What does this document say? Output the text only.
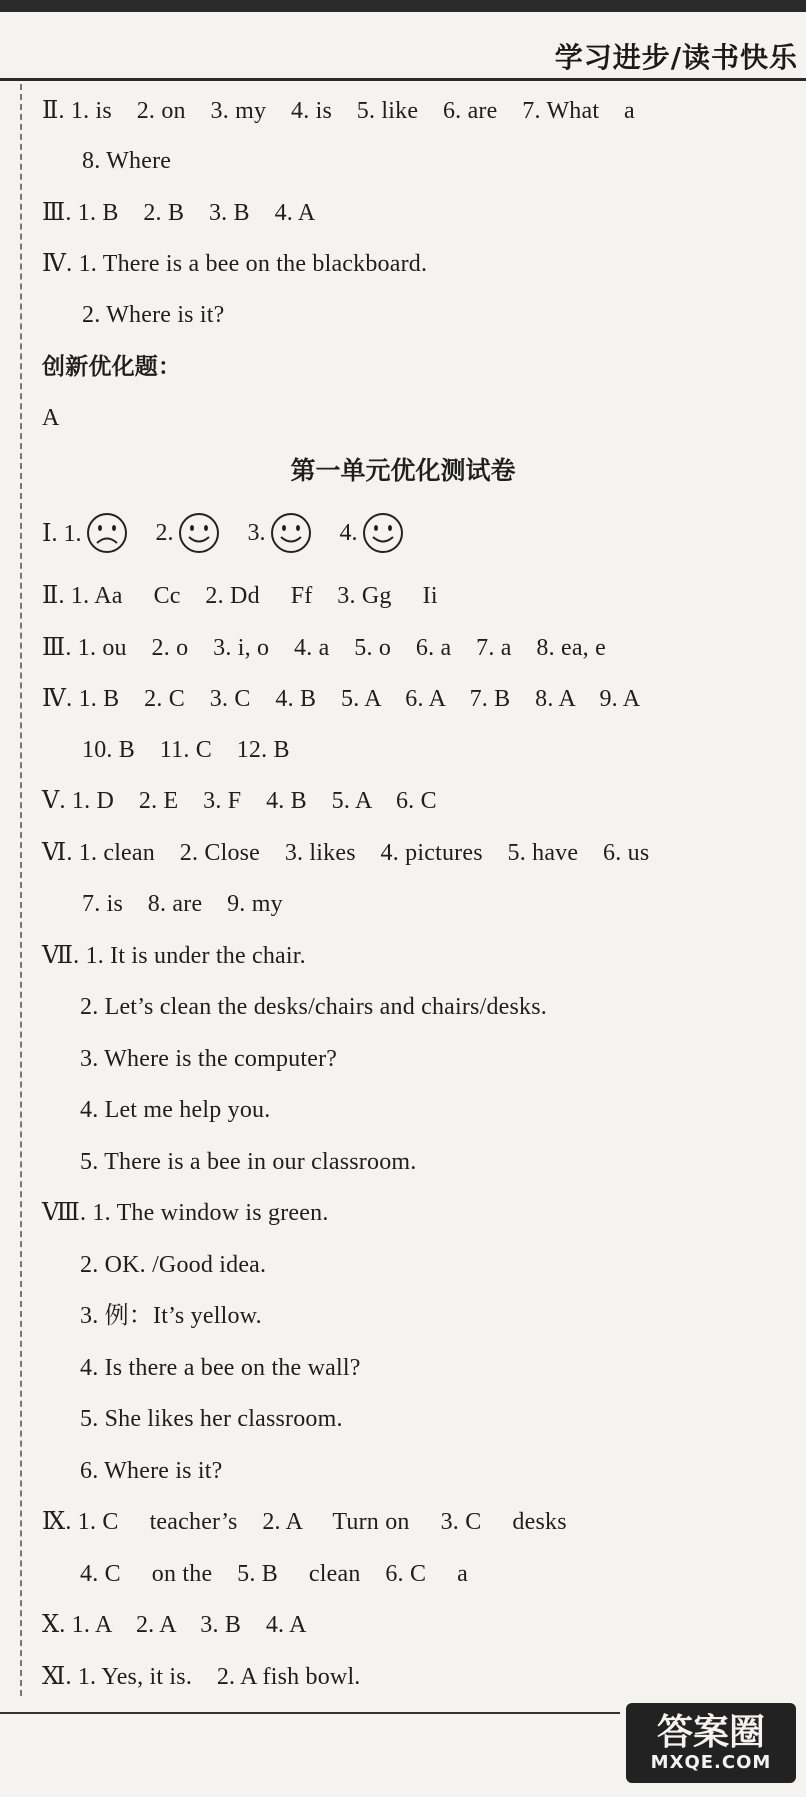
学习进步/读书快乐
Ⅱ. 1. is    2. on    3. my    4. is    5. like    6. are    7. What    a
8. Where
Ⅲ. 1. B    2. B    3. B    4. A
Ⅳ. 1. There is a bee on the blackboard.
2. Where is it?
创新优化题：
A
第一单元优化测试卷
Ⅰ. 1.	2.	3.	4.
Ⅱ. 1. Aa     Cc    2. Dd     Ff    3. Gg     Ii
Ⅲ. 1. ou    2. o    3. i, o    4. a    5. o    6. a    7. a    8. ea, e
Ⅳ. 1. B    2. C    3. C    4. B    5. A    6. A    7. B    8. A    9. A
10. B    11. C    12. B
Ⅴ. 1. D    2. E    3. F    4. B    5. A    6. C
Ⅵ. 1. clean    2. Close    3. likes    4. pictures    5. have    6. us
7. is    8. are    9. my
Ⅶ. 1. It is under the chair.
2. Let’s clean the desks/chairs and chairs/desks.
3. Where is the computer?
4. Let me help you.
5. There is a bee in our classroom.
Ⅷ. 1. The window is green.
2. OK. /Good idea.
3. 例：It’s yellow.
4. Is there a bee on the wall?
5. She likes her classroom.
6. Where is it?
Ⅸ. 1. C     teacher’s    2. A     Turn on     3. C     desks
4. C     on the    5. B     clean    6. C     a
Ⅹ. 1. A    2. A    3. B    4. A
Ⅺ. 1. Yes, it is.    2. A fish bowl.
答案圈
MXQE.COM
